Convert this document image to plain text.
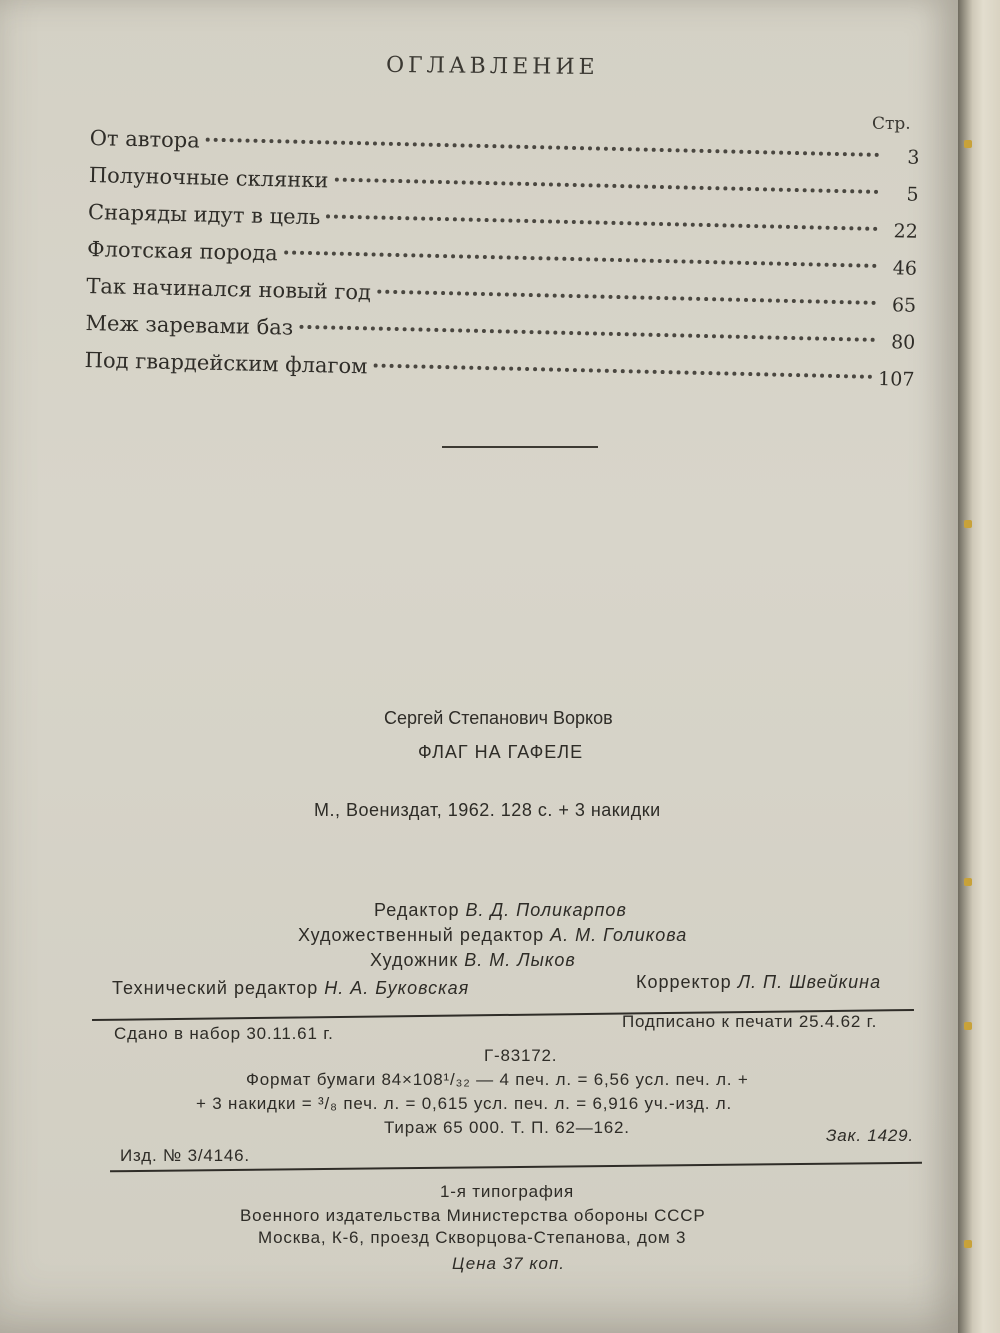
ОГЛАВЛЕНИЕ
Стр.
От автора
3
Полуночные склянки
5
Снаряды идут в цель
22
Флотская порода
46
Так начинался новый год
65
Меж заревами баз
80
Под гвардейским флагом
107
Сергей Степанович Ворков
ФЛАГ НА ГАФЕЛЕ
М., Воениздат, 1962. 128 с. + 3 накидки
Редактор В. Д. Поликарпов
Художественный редактор А. М. Голикова
Художник В. М. Лыков
Технический редактор Н. А. Буковская	Корректор Л. П. Швейкина
Сдано в набор 30.11.61 г.
Подписано к печати 25.4.62 г.
Г-83172.
Формат бумаги 84×108¹/₃₂ — 4 печ. л. = 6,56 усл. печ. л. +
+ 3 накидки = ³/₈ печ. л. = 0,615 усл. печ. л. = 6,916 уч.-изд. л.
Тираж 65 000. Т. П. 62—162.	Зак. 1429.
Изд. № 3/4146.
1-я типография
Военного издательства Министерства обороны СССР
Москва, К-6, проезд Скворцова-Степанова, дом 3
Цена 37 коп.
